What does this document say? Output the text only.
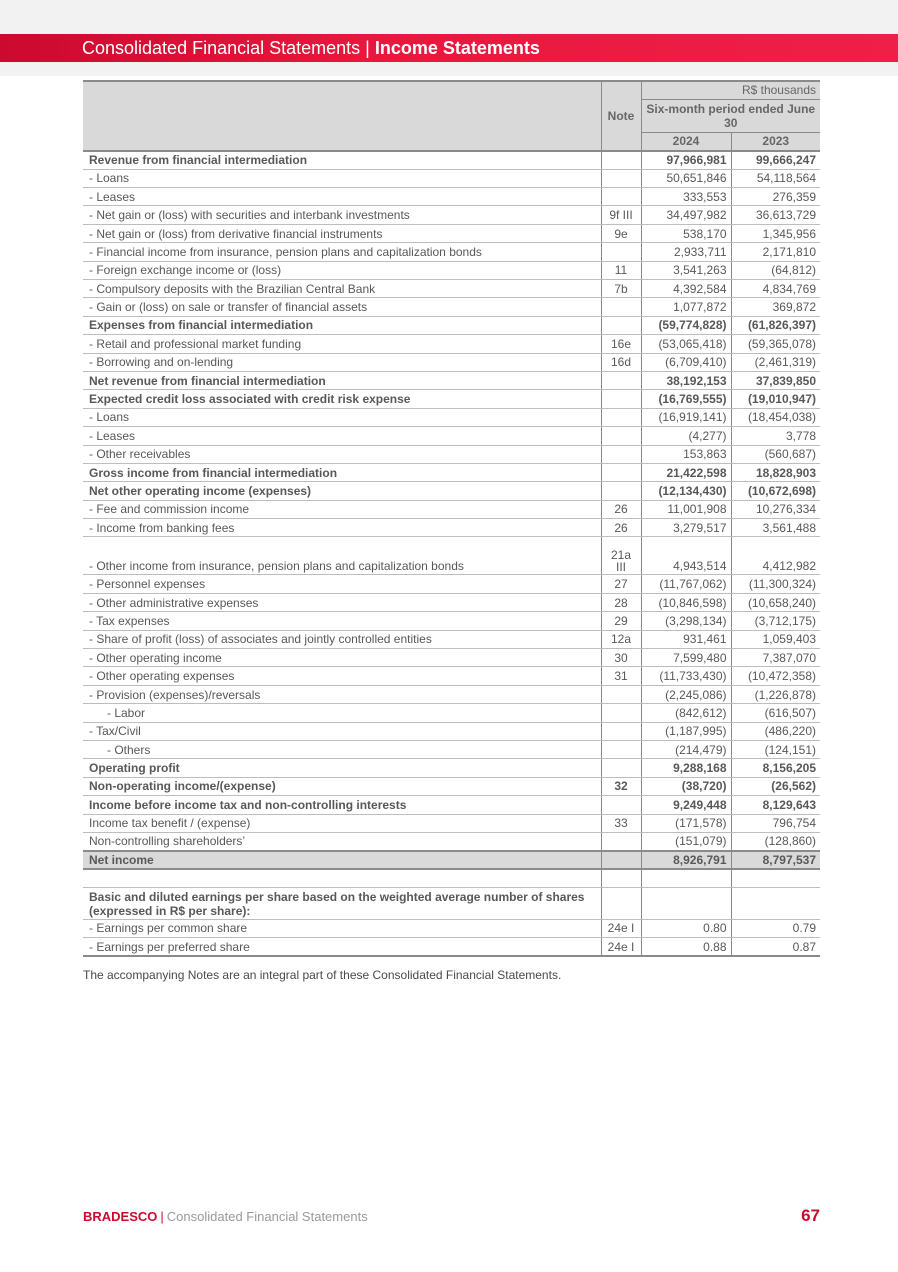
Consolidated Financial Statements | Income Statements
	Note	R$ thousands	
		Six-month period ended June 30	
		2024	2023
Revenue from financial intermediation		97,966,981	99,666,247
- Loans		50,651,846	54,118,564
- Leases		333,553	276,359
- Net gain or (loss) with securities and interbank investments	9f III	34,497,982	36,613,729
- Net gain or (loss) from derivative financial instruments	9e	538,170	1,345,956
- Financial income from insurance, pension plans and capitalization bonds		2,933,711	2,171,810
- Foreign exchange income or (loss)	11	3,541,263	(64,812)
- Compulsory deposits with the Brazilian Central Bank	7b	4,392,584	4,834,769
- Gain or (loss) on sale or transfer of financial assets		1,077,872	369,872
Expenses from financial intermediation		(59,774,828)	(61,826,397)
- Retail and professional market funding	16e	(53,065,418)	(59,365,078)
- Borrowing and on-lending	16d	(6,709,410)	(2,461,319)
Net revenue from financial intermediation		38,192,153	37,839,850
Expected credit loss associated with credit risk expense		(16,769,555)	(19,010,947)
- Loans		(16,919,141)	(18,454,038)
- Leases		(4,277)	3,778
- Other receivables		153,863	(560,687)
Gross income from financial intermediation		21,422,598	18,828,903
Net other operating income (expenses)		(12,134,430)	(10,672,698)
- Fee and commission income	26	11,001,908	10,276,334
- Income from banking fees	26	3,279,517	3,561,488
- Other income from insurance, pension plans and capitalization bonds	21a III	4,943,514	4,412,982
- Personnel expenses	27	(11,767,062)	(11,300,324)
- Other administrative expenses	28	(10,846,598)	(10,658,240)
- Tax expenses	29	(3,298,134)	(3,712,175)
- Share of profit (loss) of associates and jointly controlled entities	12a	931,461	1,059,403
- Other operating income	30	7,599,480	7,387,070
- Other operating expenses	31	(11,733,430)	(10,472,358)
- Provision (expenses)/reversals		(2,245,086)	(1,226,878)
- Labor		(842,612)	(616,507)
- Tax/Civil		(1,187,995)	(486,220)
- Others		(214,479)	(124,151)
Operating profit		9,288,168	8,156,205
Non-operating income/(expense)	32	(38,720)	(26,562)
Income before income tax and non-controlling interests		9,249,448	8,129,643
Income tax benefit / (expense)	33	(171,578)	796,754
Non-controlling shareholders’		(151,079)	(128,860)
Net income		8,926,791	8,797,537

Basic and diluted earnings per share based on the weighted average number of shares (expressed in R$ per share):			
- Earnings per common share	24e I	0.80	0.79
- Earnings per preferred share	24e I	0.88	0.87
The accompanying Notes are an integral part of these Consolidated Financial Statements.
BRADESCO | Consolidated Financial Statements	67
